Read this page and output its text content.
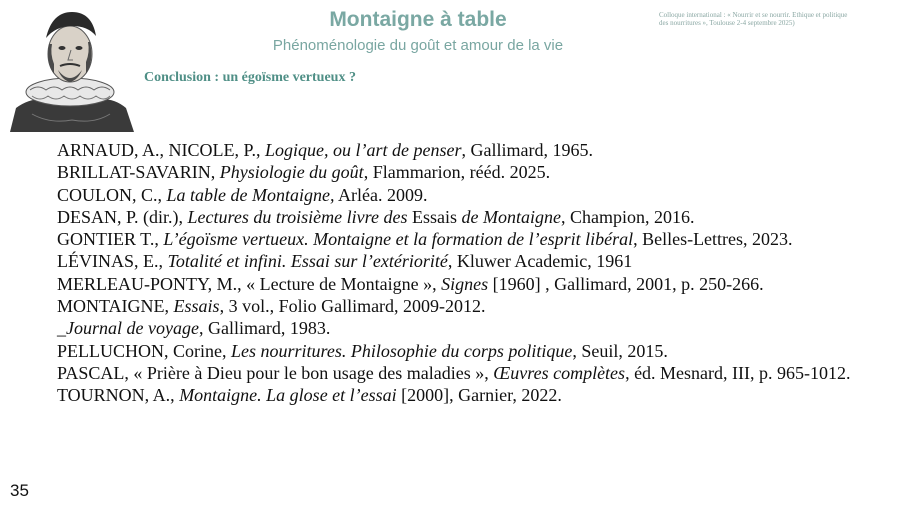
Montaigne à table
Phénoménologie du goût et amour de la vie
Colloque international : « Nourrir et se nourrir. Ethique et politique
des nourritures », Toulouse 2-4 septembre 2025)
Conclusion : un égoïsme vertueux ?
ARNAUD, A., NICOLE, P., Logique, ou l’art de penser, Gallimard, 1965.
BRILLAT-SAVARIN, Physiologie du goût, Flammarion, rééd. 2025.
COULON, C., La table de Montaigne, Arléa. 2009.
DESAN, P. (dir.), Lectures du troisième livre des Essais de Montaigne, Champion, 2016.
GONTIER T., L’égoïsme vertueux. Montaigne et la formation de l’esprit libéral, Belles-Lettres, 2023.
LÉVINAS, E., Totalité et infini. Essai sur l’extériorité, Kluwer Academic, 1961
MERLEAU-PONTY, M., « Lecture de Montaigne », Signes [1960] , Gallimard, 2001, p. 250-266.
MONTAIGNE, Essais, 3 vol., Folio Gallimard, 2009-2012.
_Journal de voyage, Gallimard, 1983.
PELLUCHON, Corine, Les nourritures. Philosophie du corps politique, Seuil, 2015.
PASCAL, « Prière à Dieu pour le bon usage des maladies », Œuvres complètes, éd. Mesnard, III, p. 965-1012.
TOURNON, A., Montaigne. La glose et l’essai [2000], Garnier, 2022.
35
